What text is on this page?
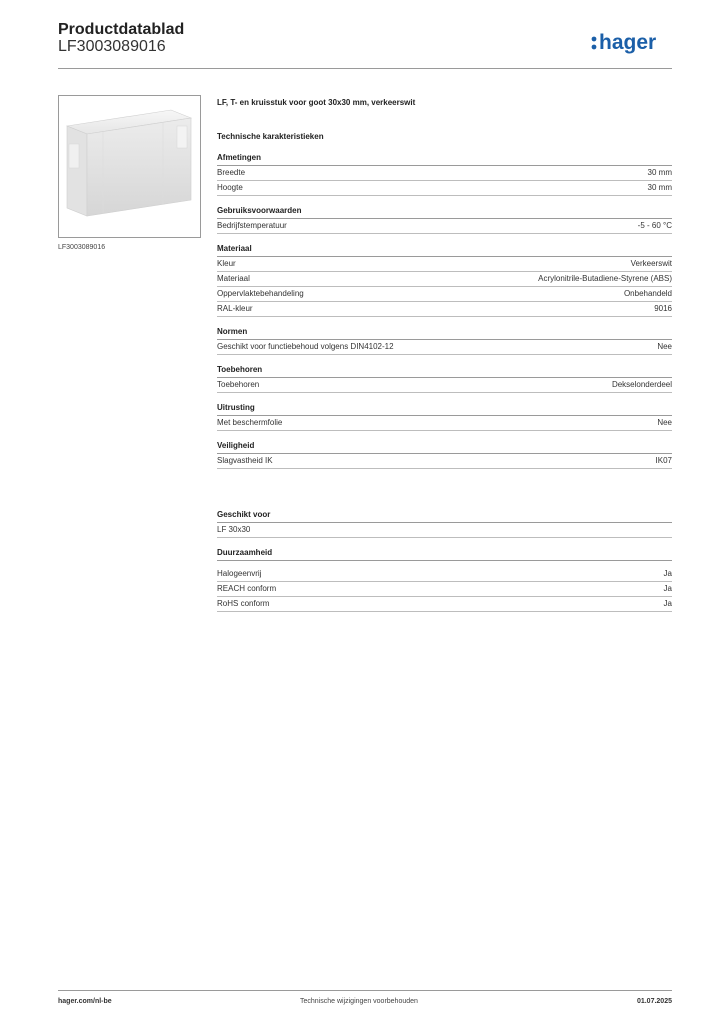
Productdatablad
LF3003089016	hager
LF3003089016
LF, T- en kruisstuk voor goot 30x30 mm, verkeerswit
Technische karakteristieken
Afmetingen
Breedte	30 mm
Hoogte	30 mm
Gebruiksvoorwaarden
Bedrijfstemperatuur	-5 - 60 °C
Materiaal
Kleur	Verkeerswit
Materiaal	Acrylonitrile-Butadiene-Styrene (ABS)
Oppervlaktebehandeling	Onbehandeld
RAL-kleur	9016
Normen
Geschikt voor functiebehoud volgens DIN4102-12	Nee
Toebehoren
Toebehoren	Dekselonderdeel
Uitrusting
Met beschermfolie	Nee
Veiligheid
Slagvastheid IK	IK07
Geschikt voor
LF 30x30
Duurzaamheid
Halogeenvrij	Ja
REACH conform	Ja
RoHS conform	Ja
hager.com/nl-be	Technische wijzigingen voorbehouden	01.07.2025
